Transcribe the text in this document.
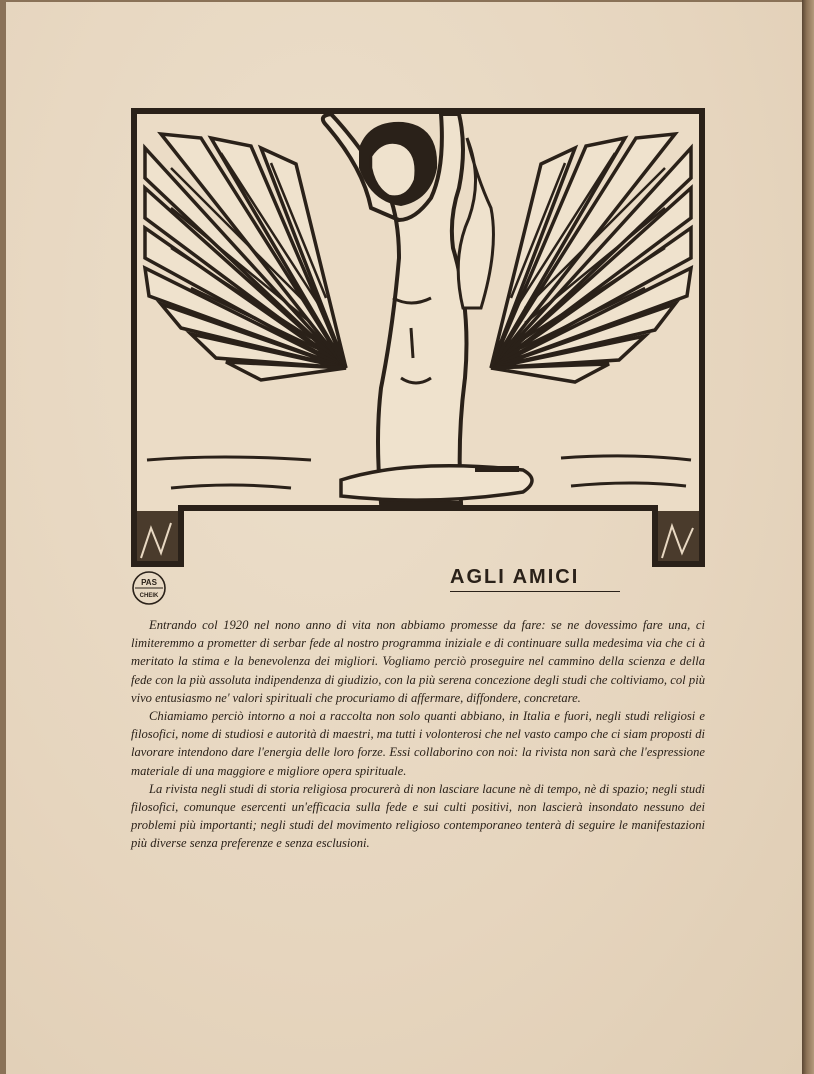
PAS
CHEIK
AGLI AMICI

Entrando col 1920 nel nono anno di vita non abbiamo promesse da fare: se ne dovessimo fare una, ci limiteremmo a prometter di serbar fede al nostro programma iniziale e di continuare sulla medesima via che ci à meritato la stima e la benevolenza dei migliori. Vogliamo perciò proseguire nel cammino della scienza e della fede con la più assoluta indipendenza di giudizio, con la più serena concezione degli studi che coltiviamo, col più vivo entusiasmo ne' valori spirituali che procuriamo di affermare, diffondere, concretare.

Chiamiamo perciò intorno a noi a raccolta non solo quanti abbiano, in Italia e fuori, negli studi religiosi e filosofici, nome di studiosi e autorità di maestri, ma tutti i volonterosi che nel vasto campo che ci siam proposti di lavorare intendono dare l'energia delle loro forze. Essi collaborino con noi: la rivista non sarà che l'espressione materiale di una maggiore e migliore opera spirituale.

La rivista negli studi di storia religiosa procurerà di non lasciare lacune nè di tempo, nè di spazio; negli studi filosofici, comunque esercenti un'efficacia sulla fede e sui culti positivi, non lascierà insondato nessuno dei problemi più importanti; negli studi del movimento religioso contemporaneo tenterà di seguire le manifestazioni più diverse senza preferenze e senza esclusioni.
